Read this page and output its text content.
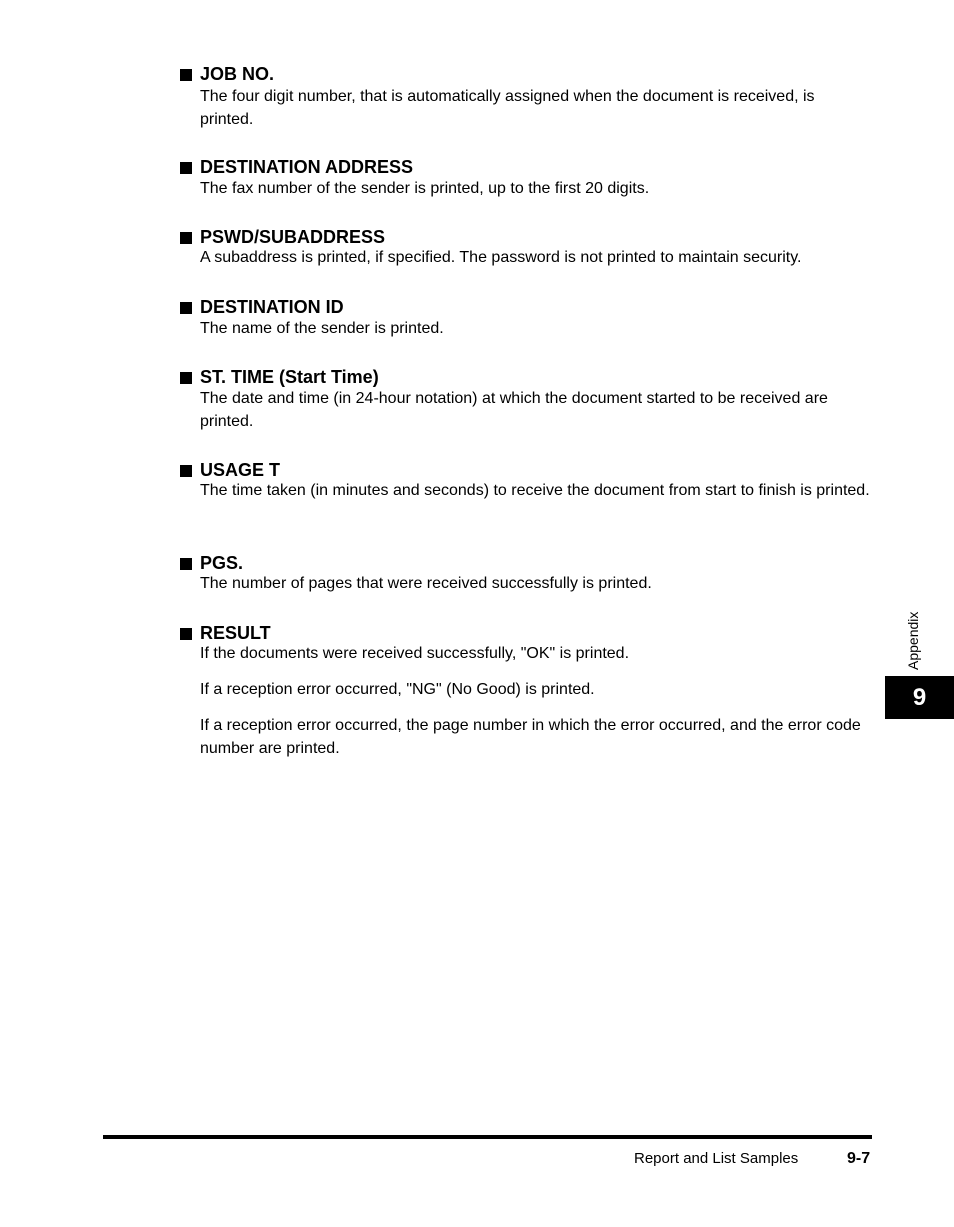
JOB NO.

The four digit number, that is automatically assigned when the document is received, is printed.

DESTINATION ADDRESS

The fax number of the sender is printed, up to the first 20 digits.

PSWD/SUBADDRESS

A subaddress is printed, if specified. The password is not printed to maintain security.

DESTINATION ID

The name of the sender is printed.

ST. TIME (Start Time)

The date and time (in 24-hour notation) at which the document started to be received are printed.

USAGE T

The time taken (in minutes and seconds) to receive the document from start to finish is printed.

PGS.

The number of pages that were received successfully is printed.

RESULT

If the documents were received successfully, "OK" is printed.

If a reception error occurred, "NG" (No Good) is printed.

If a reception error occurred, the page number in which the error occurred, and the error code number are printed.

Appendix
9
Report and List Samples	9-7
